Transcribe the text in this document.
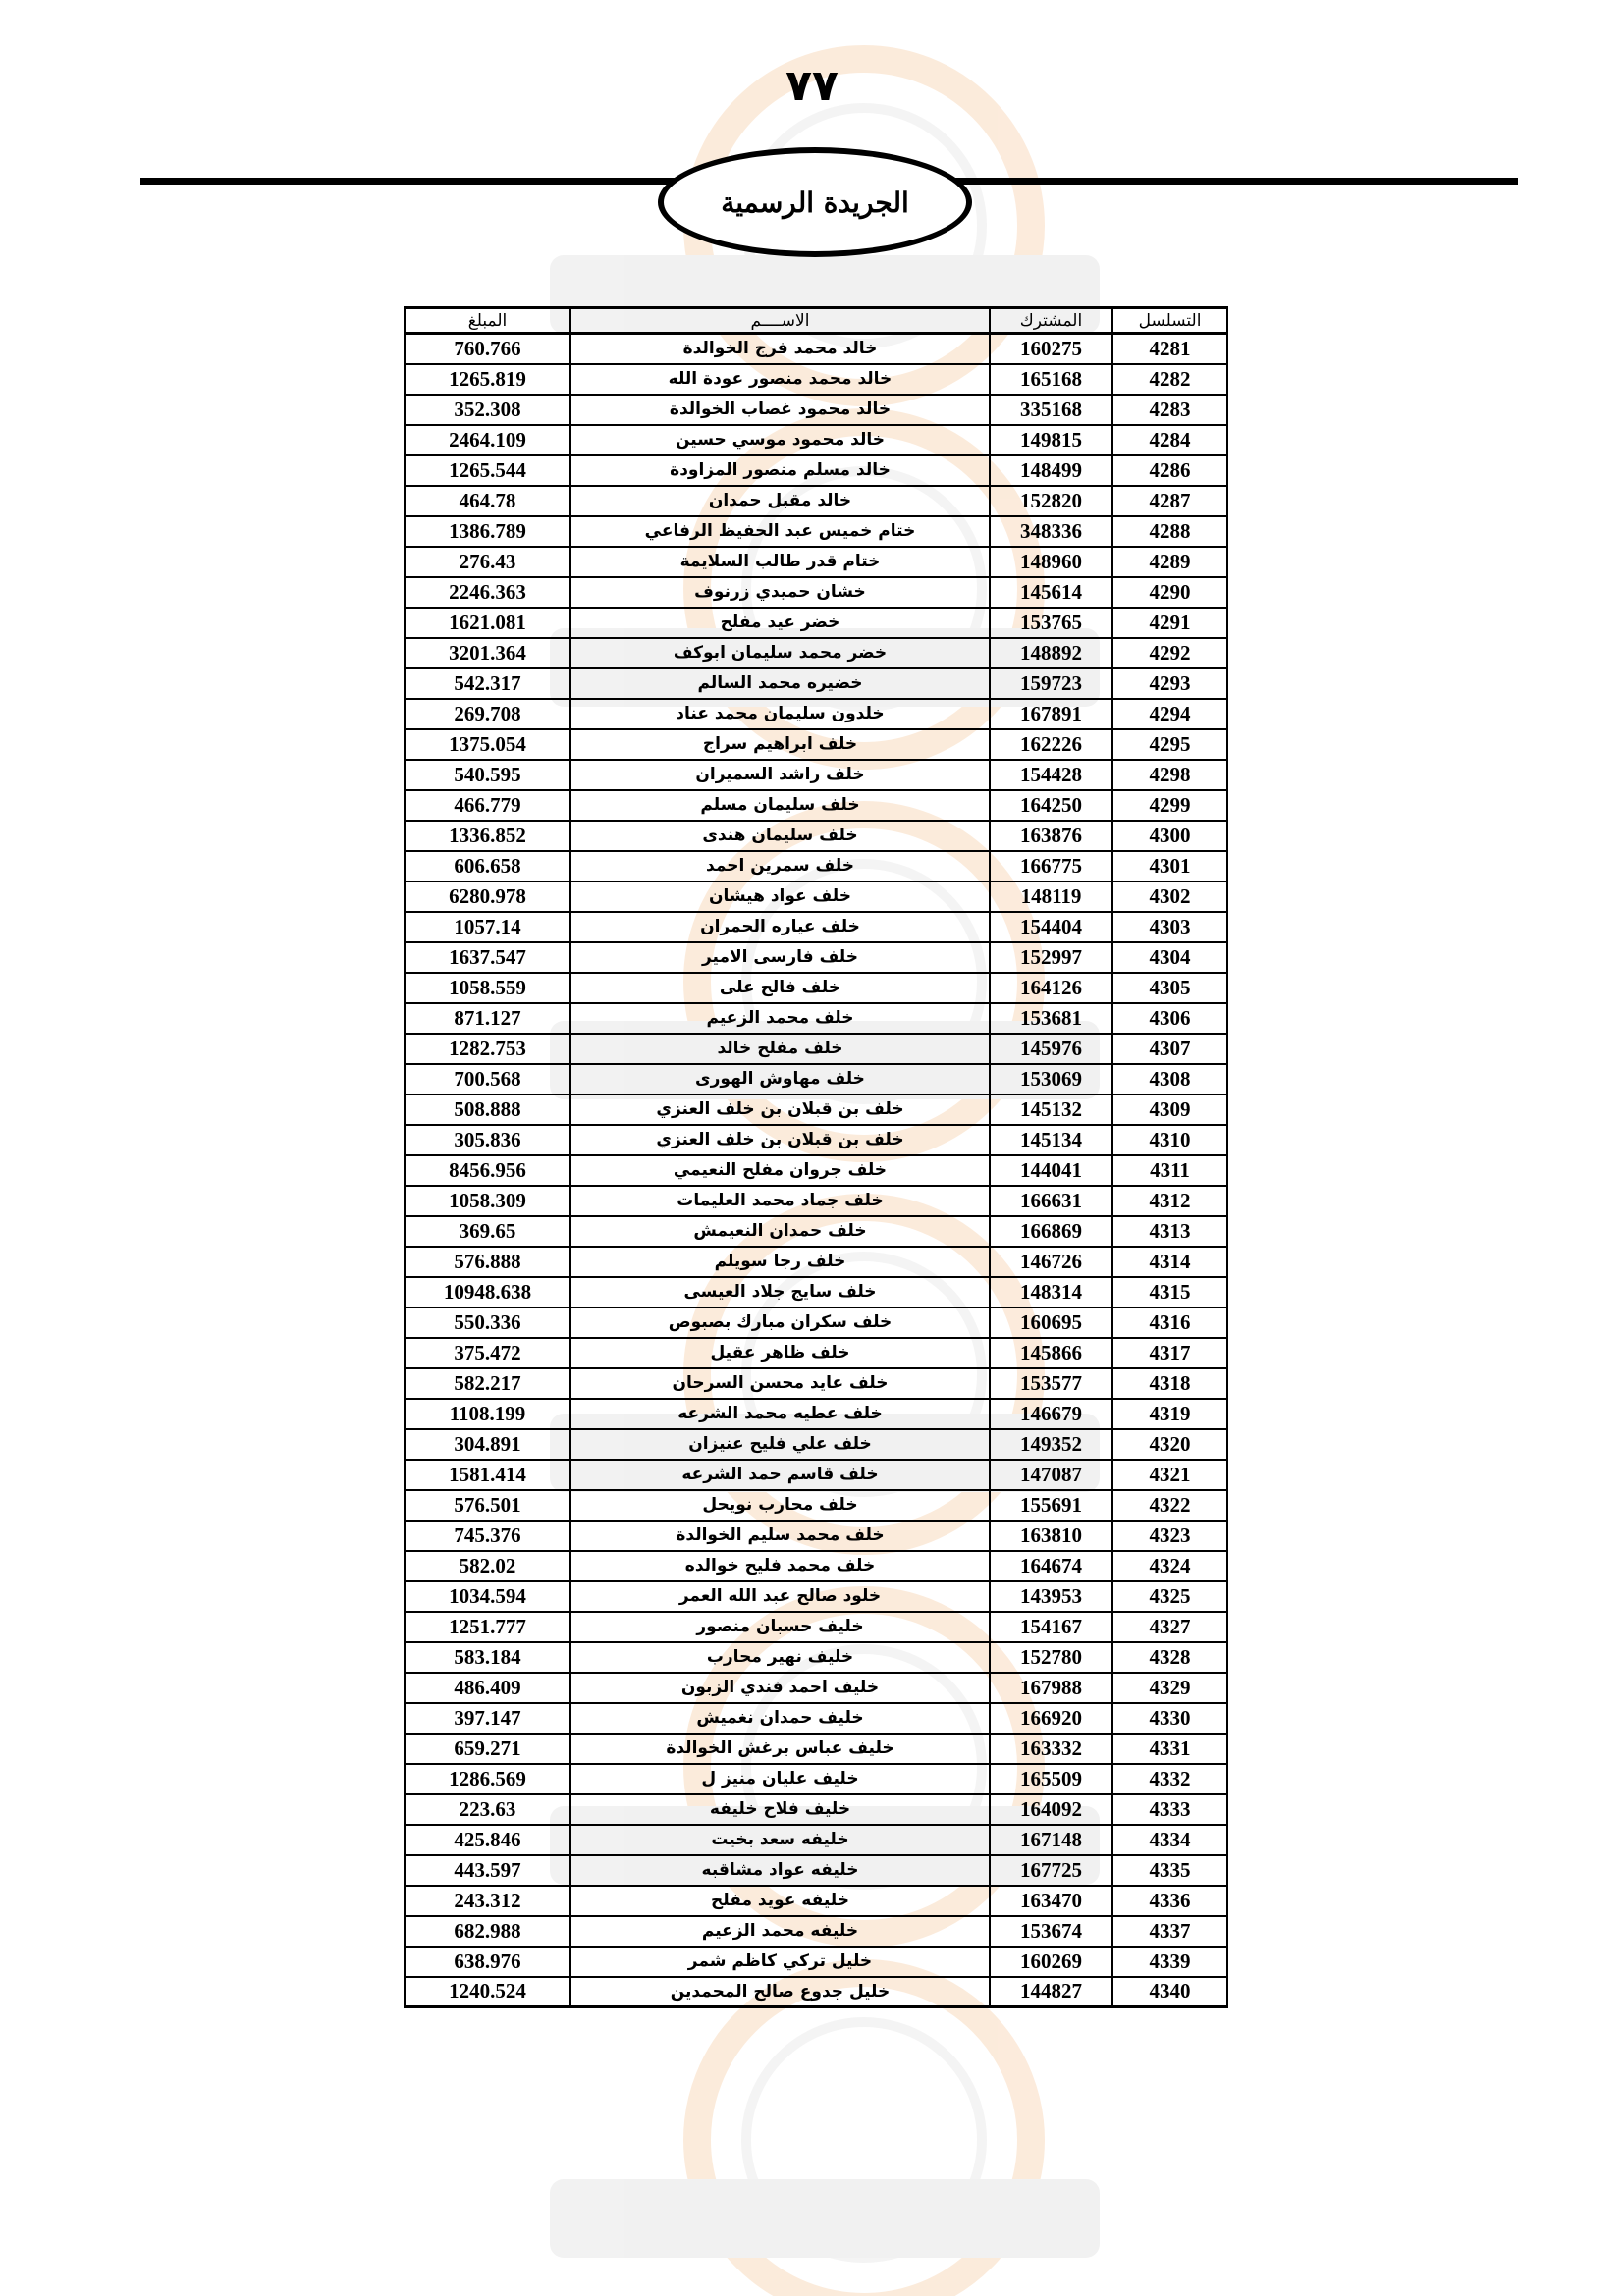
٧٧
الجريدة الرسمية
التسلسل	المشترك	الاســــم	المبلغ
4281	160275	خالد محمد فرج الخوالدة	760.766
4282	165168	خالد محمد منصور عودة الله	1265.819
4283	335168	خالد محمود غصاب الخوالدة	352.308
4284	149815	خالد محمود موسي حسين	2464.109
4286	148499	خالد مسلم منصور المزاودة	1265.544
4287	152820	خالد مقبل حمدان	464.78
4288	348336	ختام خميس عبد الحفيظ الرفاعي	1386.789
4289	148960	ختام قدر طالب السلايمة	276.43
4290	145614	خشان حميدي زرنوف	2246.363
4291	153765	خضر عيد مفلح	1621.081
4292	148892	خضر محمد سليمان ابوكف	3201.364
4293	159723	خضيره محمد السالم	542.317
4294	167891	خلدون سليمان محمد عناد	269.708
4295	162226	خلف ابراهيم سراج	1375.054
4298	154428	خلف راشد السميران	540.595
4299	164250	خلف سليمان مسلم	466.779
4300	163876	خلف سليمان هندى	1336.852
4301	166775	خلف سمرين احمد	606.658
4302	148119	خلف عواد هيشان	6280.978
4303	154404	خلف عياره الحمران	1057.14
4304	152997	خلف فارسى الامير	1637.547
4305	164126	خلف فالح على	1058.559
4306	153681	خلف محمد الزعيم	871.127
4307	145976	خلف مفلح خالد	1282.753
4308	153069	خلف مهاوش الهورى	700.568
4309	145132	خلف بن قبلان بن خلف العنزي	508.888
4310	145134	خلف بن قبلان بن خلف العنزي	305.836
4311	144041	خلف جروان مفلح النعيمي	8456.956
4312	166631	خلف جماد محمد العليمات	1058.309
4313	166869	خلف حمدان النعيمش	369.65
4314	146726	خلف رجا سويلم	576.888
4315	148314	خلف سايج جلاد العيسى	10948.638
4316	160695	خلف سكران مبارك بصبوص	550.336
4317	145866	خلف ظاهر عقيل	375.472
4318	153577	خلف عايد محسن السرحان	582.217
4319	146679	خلف عطيه محمد الشرعه	1108.199
4320	149352	خلف علي فليح عنيزان	304.891
4321	147087	خلف قاسم حمد الشرعه	1581.414
4322	155691	خلف محارب نويحل	576.501
4323	163810	خلف محمد سليم الخوالدة	745.376
4324	164674	خلف محمد فليح خوالده	582.02
4325	143953	خلود صالح عبد الله العمر	1034.594
4327	154167	خليف حسبان منصور	1251.777
4328	152780	خليف نهير محارب	583.184
4329	167988	خليف احمد فندي الزبون	486.409
4330	166920	خليف حمدان نغميش	397.147
4331	163332	خليف عباس برغش الخوالدة	659.271
4332	165509	خليف عليان منيز ل	1286.569
4333	164092	خليف فلاح خليفه	223.63
4334	167148	خليفه سعد بخيت	425.846
4335	167725	خليفه عواد مشاقبه	443.597
4336	163470	خليفه عويد مفلح	243.312
4337	153674	خليفه محمد الزعيم	682.988
4339	160269	خليل تركي كاظم شمر	638.976
4340	144827	خليل جدوع صالح المحمدين	1240.524
